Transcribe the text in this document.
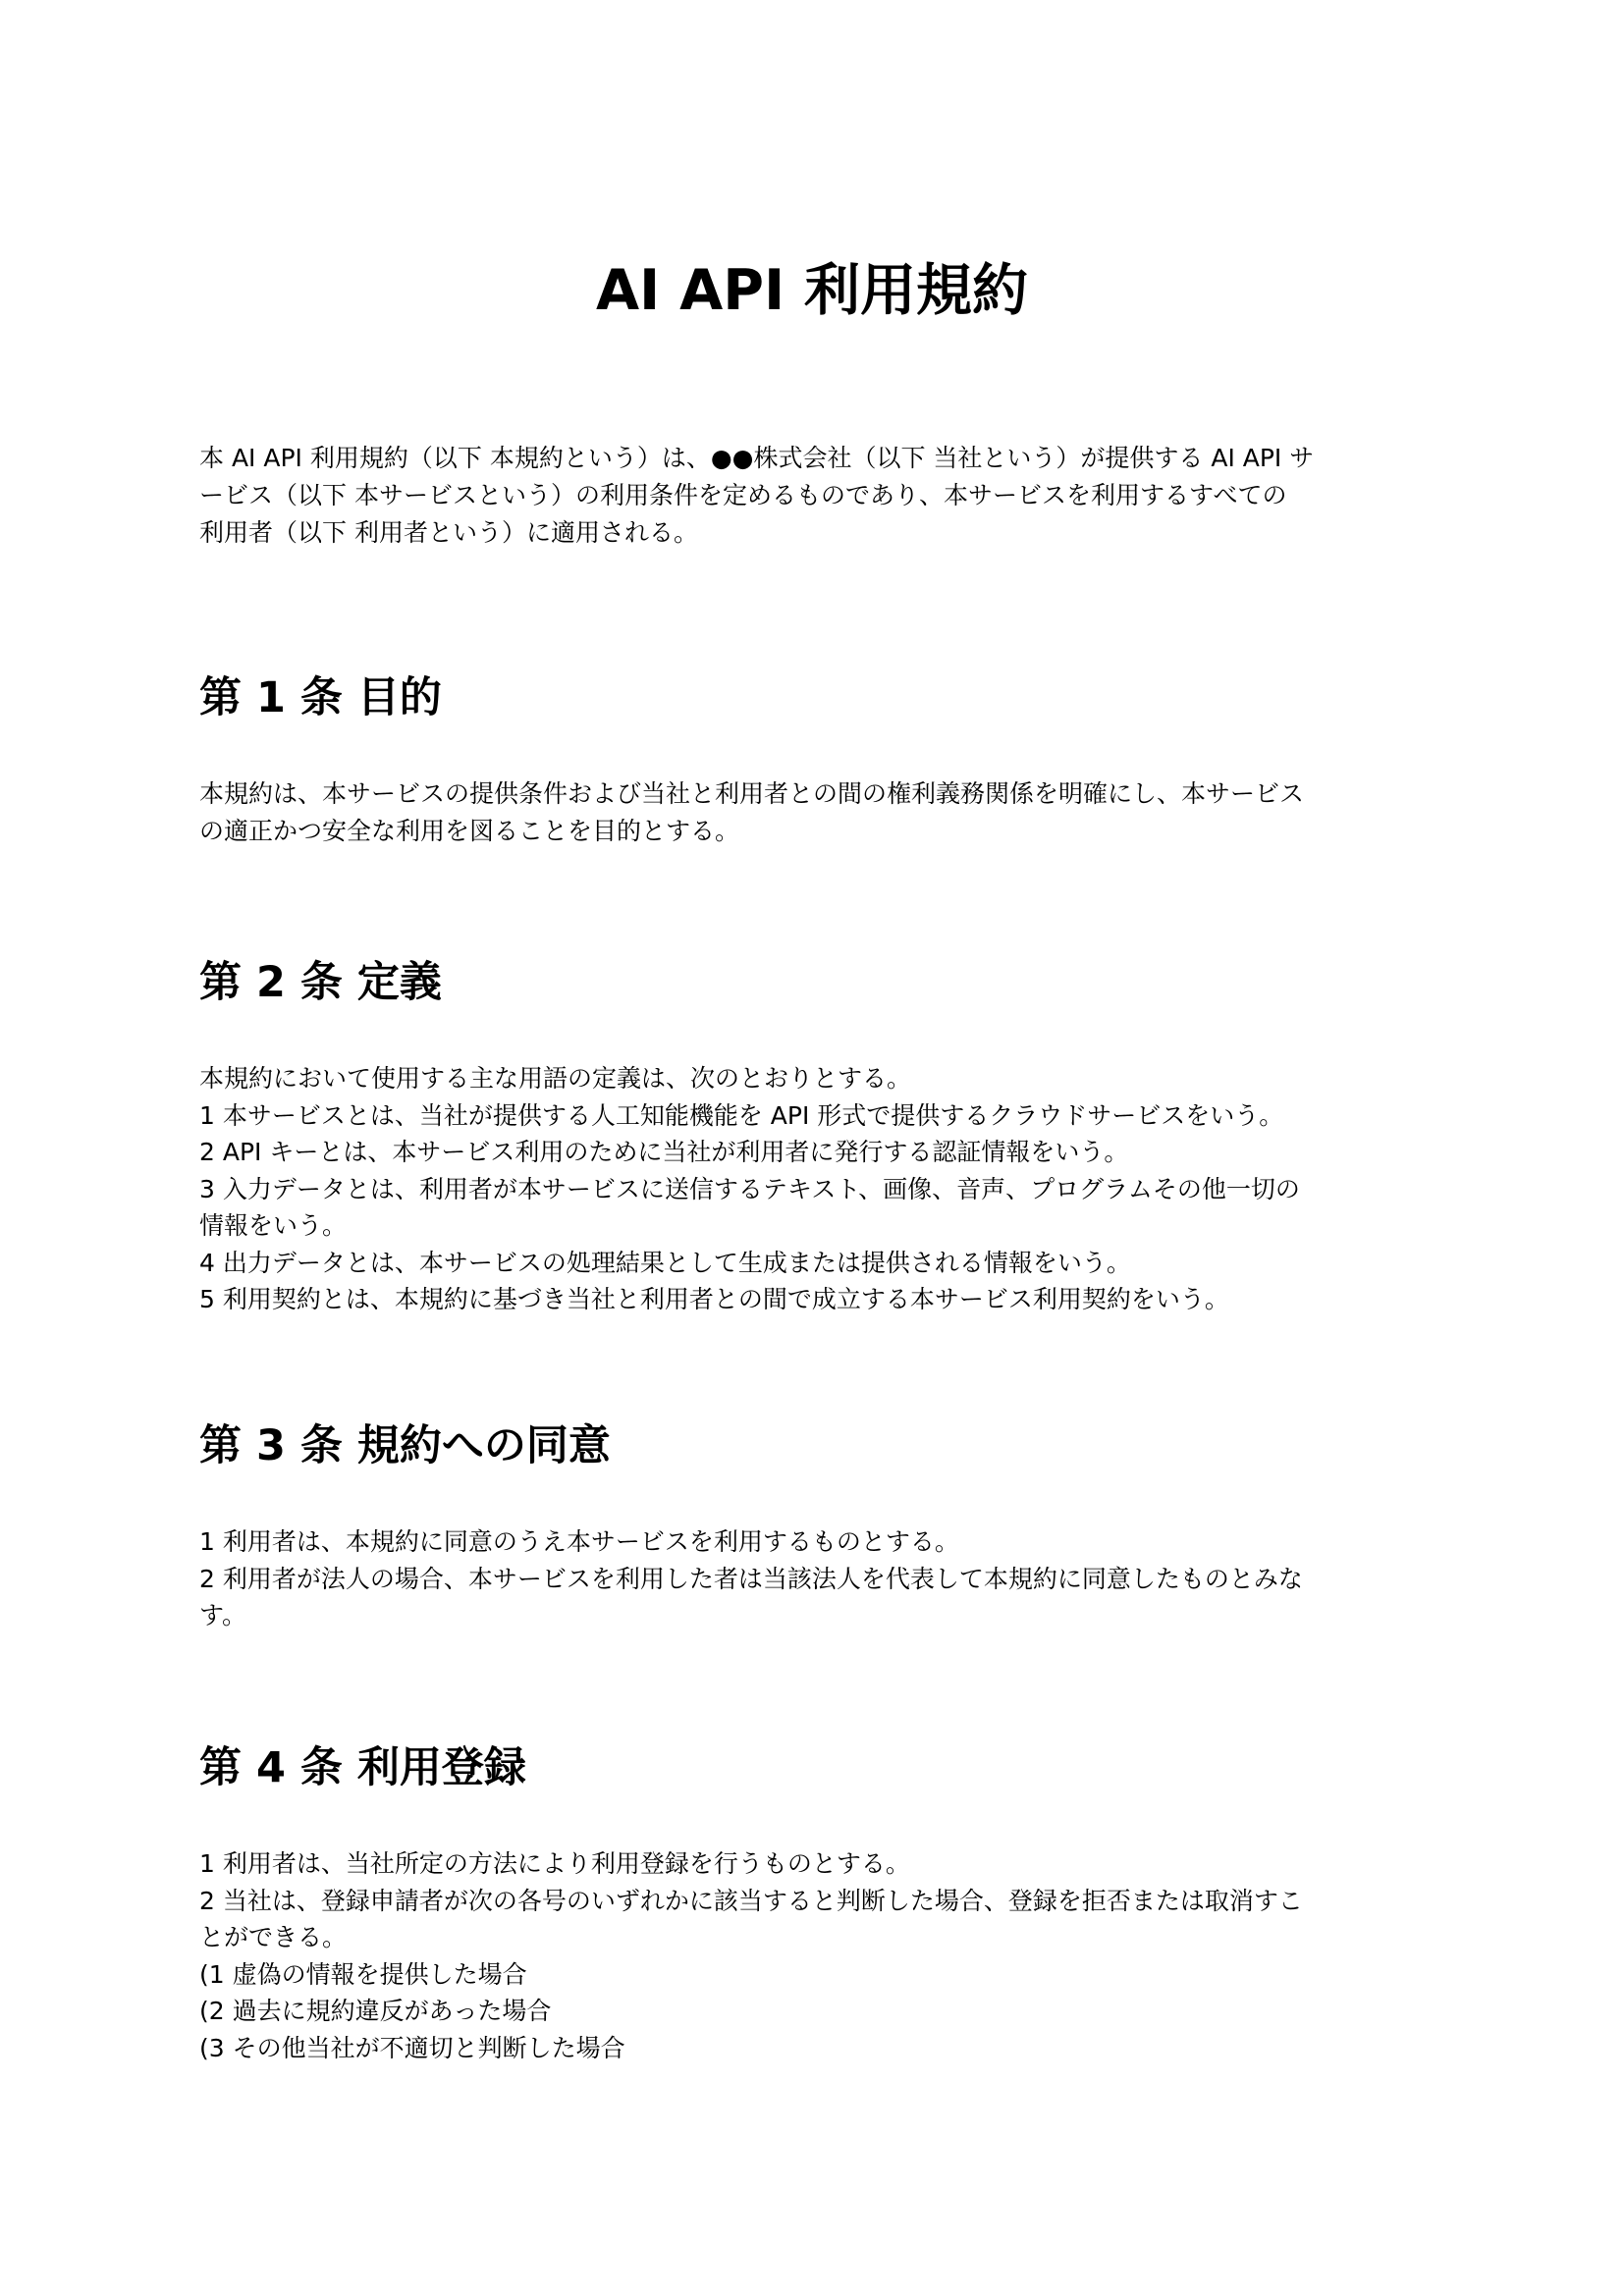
AI API 利用規約

本 AI API 利用規約（以下 本規約という）は、●●株式会社（以下 当社という）が提供する AI API サ
ービス（以下 本サービスという）の利用条件を定めるものであり、本サービスを利用するすべての
利用者（以下 利用者という）に適用される。

第 1 条 目的

本規約は、本サービスの提供条件および当社と利用者との間の権利義務関係を明確にし、本サービス
の適正かつ安全な利用を図ることを目的とする。

第 2 条 定義

本規約において使用する主な用語の定義は、次のとおりとする。
1 本サービスとは、当社が提供する人工知能機能を API 形式で提供するクラウドサービスをいう。
2 API キーとは、本サービス利用のために当社が利用者に発行する認証情報をいう。
3 入力データとは、利用者が本サービスに送信するテキスト、画像、音声、プログラムその他一切の
情報をいう。
4 出力データとは、本サービスの処理結果として生成または提供される情報をいう。
5 利用契約とは、本規約に基づき当社と利用者との間で成立する本サービス利用契約をいう。

第 3 条 規約への同意

1 利用者は、本規約に同意のうえ本サービスを利用するものとする。
2 利用者が法人の場合、本サービスを利用した者は当該法人を代表して本規約に同意したものとみな
す。

第 4 条 利用登録

1 利用者は、当社所定の方法により利用登録を行うものとする。
2 当社は、登録申請者が次の各号のいずれかに該当すると判断した場合、登録を拒否または取消すこ
とができる。
(1 虚偽の情報を提供した場合
(2 過去に規約違反があった場合
(3 その他当社が不適切と判断した場合
